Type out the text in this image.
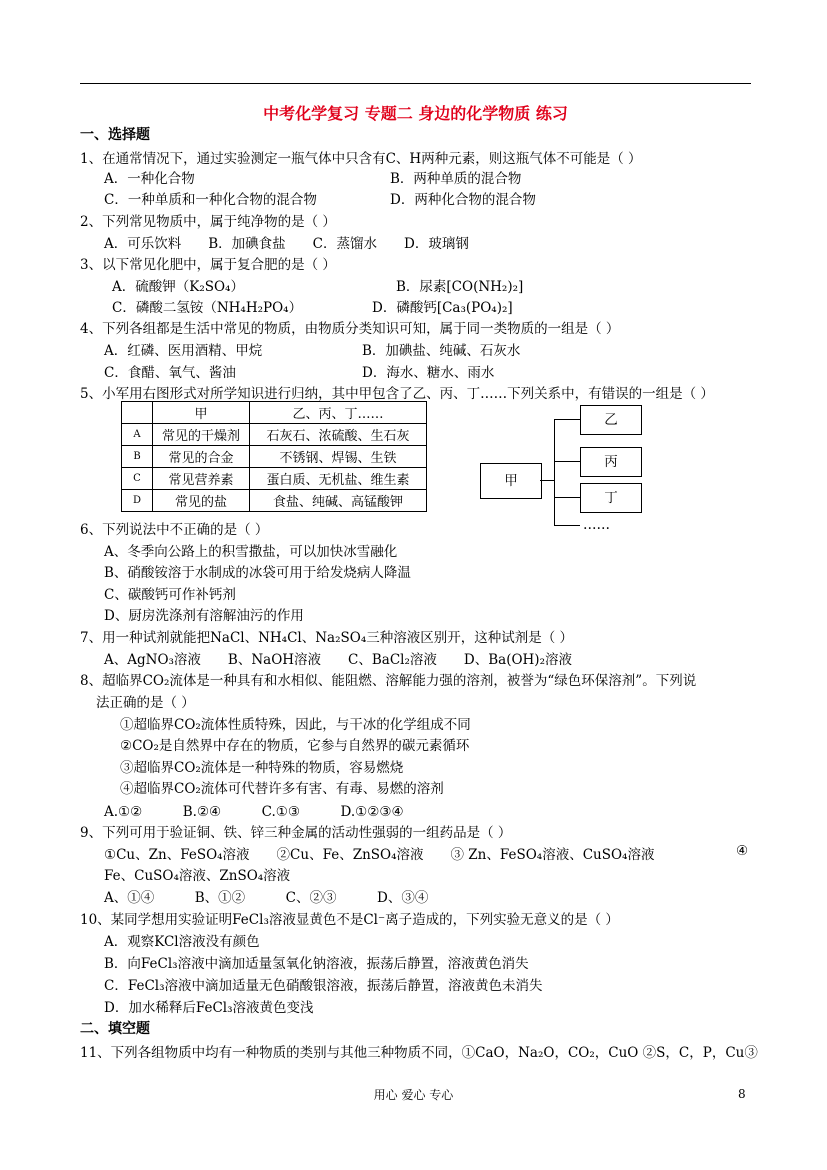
中考化学复习 专题二 身边的化学物质 练习
一、选择题
1、在通常情况下，通过实验测定一瓶气体中只含有C、H两种元素，则这瓶气体不可能是（ ）
A．一种化合物	B．两种单质的混合物
C．一种单质和一种化合物的混合物	D．两种化合物的混合物
2、下列常见物质中，属于纯净物的是（ ）
A．可乐饮料　　B．加碘食盐　　C．蒸馏水　　D．玻璃钢
3、以下常见化肥中，属于复合肥的是（ ）
A．硫酸钾（K₂SO₄）	B．尿素[CO(NH₂)₂]
C．磷酸二氢铵（NH₄H₂PO₄）	D．磷酸钙[Ca₃(PO₄)₂]
4、下列各组都是生活中常见的物质，由物质分类知识可知，属于同一类物质的一组是（ ）
A．红磷、医用酒精、甲烷	B．加碘盐、纯碱、石灰水
C．食醋、氧气、酱油	D．海水、糖水、雨水
5、小军用右图形式对所学知识进行归纳，其中甲包含了乙、丙、丁……下列关系中，有错误的一组是（ ）
	甲	乙、丙、丁……
A	常见的干燥剂	石灰石、浓硫酸、生石灰
B	常见的合金	不锈钢、焊锡、生铁
C	常见营养素	蛋白质、无机盐、维生素
D	常见的盐	食盐、纯碱、高锰酸钾
甲
乙
丙
丁
……
6、下列说法中不正确的是（ ）
A、冬季向公路上的积雪撒盐，可以加快冰雪融化
B、硝酸铵溶于水制成的冰袋可用于给发烧病人降温
C、碳酸钙可作补钙剂
D、厨房洗涤剂有溶解油污的作用
7、用一种试剂就能把NaCl、NH₄Cl、Na₂SO₄三种溶液区别开，这种试剂是（ ）
A、AgNO₃溶液　　B、NaOH溶液　　C、BaCl₂溶液　　D、Ba(OH)₂溶液
8、超临界CO₂流体是一种具有和水相似、能阻燃、溶解能力强的溶剂，被誉为“绿色环保溶剂”。下列说
法正确的是（ ）
①超临界CO₂流体性质特殊，因此，与干冰的化学组成不同
②CO₂是自然界中存在的物质，它参与自然界的碳元素循环
③超临界CO₂流体是一种特殊的物质，容易燃烧
④超临界CO₂流体可代替许多有害、有毒、易燃的溶剂
A.①②　　　B.②④　　　C.①③　　　D.①②③④
9、下列可用于验证铜、铁、锌三种金属的活动性强弱的一组药品是（ ）
①Cu、Zn、FeSO₄溶液　　②Cu、Fe、ZnSO₄溶液　　③ Zn、FeSO₄溶液、CuSO₄溶液	④
Fe、CuSO₄溶液、ZnSO₄溶液
A、①④　　　B、①②　　　C、②③　　　D、③④
10、某同学想用实验证明FeCl₃溶液显黄色不是Cl⁻离子造成的，下列实验无意义的是（ ）
A．观察KCl溶液没有颜色
B．向FeCl₃溶液中滴加适量氢氧化钠溶液，振荡后静置，溶液黄色消失
C．FeCl₃溶液中滴加适量无色硝酸银溶液，振荡后静置，溶液黄色未消失
D．加水稀释后FeCl₃溶液黄色变浅
二、填空题
11、下列各组物质中均有一种物质的类别与其他三种物质不同，①CaO，Na₂O，CO₂，CuO ②S，C，P，Cu③
用心 爱心 专心	8
